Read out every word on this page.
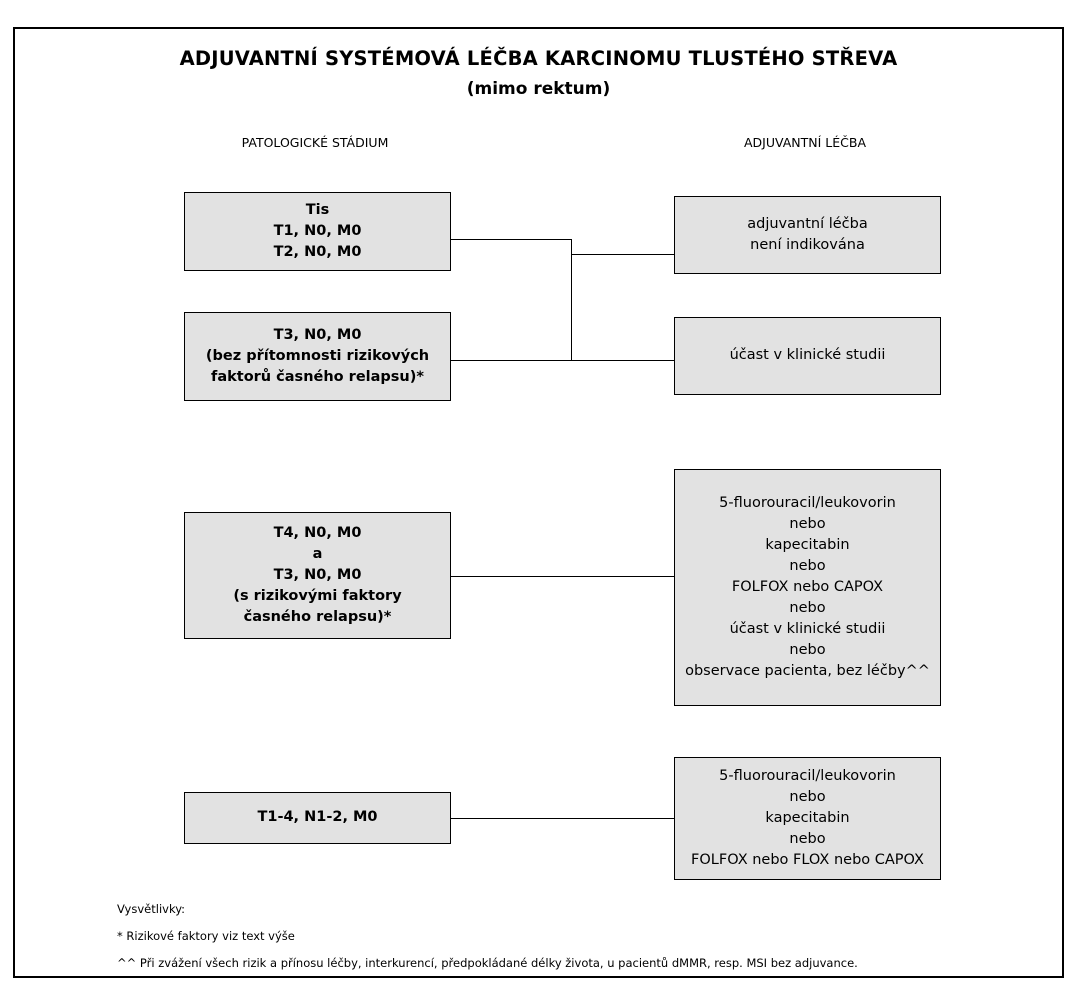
ADJUVANTNÍ SYSTÉMOVÁ LÉČBA KARCINOMU TLUSTÉHO STŘEVA
(mimo rektum)
PATOLOGICKÉ STÁDIUM	ADJUVANTNÍ LÉČBA
Tis
T1, N0, M0
T2, N0, M0
T3, N0, M0
(bez přítomnosti rizikových
faktorů časného relapsu)*
T4, N0, M0
a
T3, N0, M0
(s rizikovými faktory
časného relapsu)*
T1-4, N1-2, M0
adjuvantní léčba
není indikována
účast v klinické studii
5-fluorouracil/leukovorin
nebo
kapecitabin
nebo
FOLFOX nebo CAPOX
nebo
účast v klinické studii
nebo
observace pacienta, bez léčby^^
5-fluorouracil/leukovorin
nebo
kapecitabin
nebo
FOLFOX nebo FLOX nebo CAPOX
Vysvětlivky:
* Rizikové faktory viz text výše
^^ Při zvážení všech rizik a přínosu léčby, interkurencí, předpokládané délky života, u pacientů dMMR, resp. MSI bez adjuvance.
